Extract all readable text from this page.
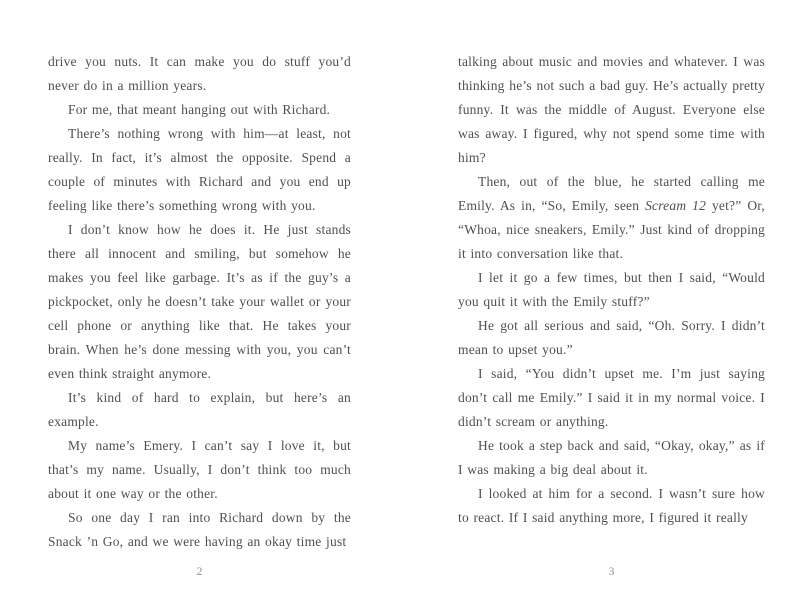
drive you nuts. It can make you do stuff you’d never do in a million years.

For me, that meant hanging out with Richard.

There’s nothing wrong with him—at least, not really. In fact, it’s almost the opposite. Spend a couple of minutes with Richard and you end up feeling like there’s something wrong with you.

I don’t know how he does it. He just stands there all innocent and smiling, but somehow he makes you feel like garbage. It’s as if the guy’s a pickpocket, only he doesn’t take your wallet or your cell phone or anything like that. He takes your brain. When he’s done messing with you, you can’t even think straight anymore.

It’s kind of hard to explain, but here’s an example.

My name’s Emery. I can’t say I love it, but that’s my name. Usually, I don’t think too much about it one way or the other.

So one day I ran into Richard down by the Snack ’n Go, and we were having an okay time just

2

talking about music and movies and whatever. I was thinking he’s not such a bad guy. He’s actually pretty funny. It was the middle of August. Everyone else was away. I figured, why not spend some time with him?

Then, out of the blue, he started calling me Emily. As in, “So, Emily, seen Scream 12 yet?” Or, “Whoa, nice sneakers, Emily.” Just kind of dropping it into conversation like that.

I let it go a few times, but then I said, “Would you quit it with the Emily stuff?”

He got all serious and said, “Oh. Sorry. I didn’t mean to upset you.”

I said, “You didn’t upset me. I’m just saying don’t call me Emily.” I said it in my normal voice. I didn’t scream or anything.

He took a step back and said, “Okay, okay,” as if I was making a big deal about it.

I looked at him for a second. I wasn’t sure how to react. If I said anything more, I figured it really

3
